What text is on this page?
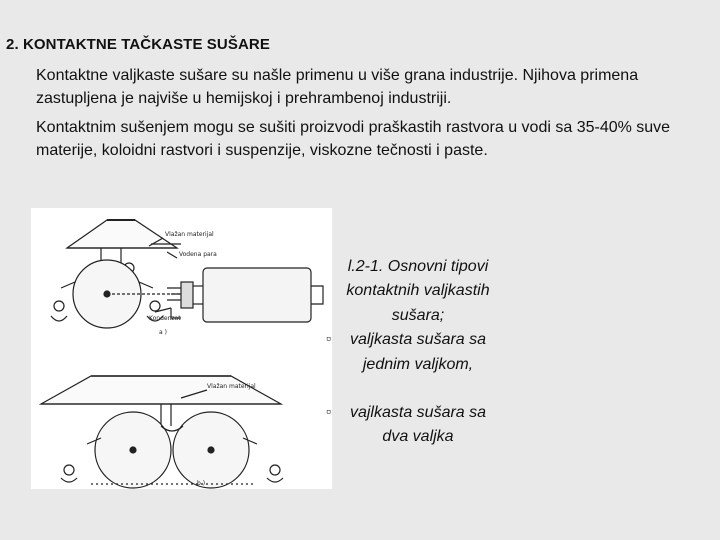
2. KONTAKTNE TAČKASTE SUŠARE
Kontaktne valjkaste sušare su našle primenu u više grana industrije. Njihova primena zastupljena je najviše u hemijskoj i prehrambenoj industriji.
Kontaktnim sušenjem mogu se sušiti proizvodi praškastih rastvora u vodi sa 35-40% suve materije, koloidni rastvori i suspenzije, viskozne tečnosti i paste.
Vlažan materijal
Vodena para
Kondenzat
a )
Vlažan materijal
b )
l.2-1. Osnovni tipovi
kontaktnih valjkastih
sušara;
valjkasta sušara sa
jednim valjkom,
vajlkasta sušara sa
dva valjka
▫
▫
